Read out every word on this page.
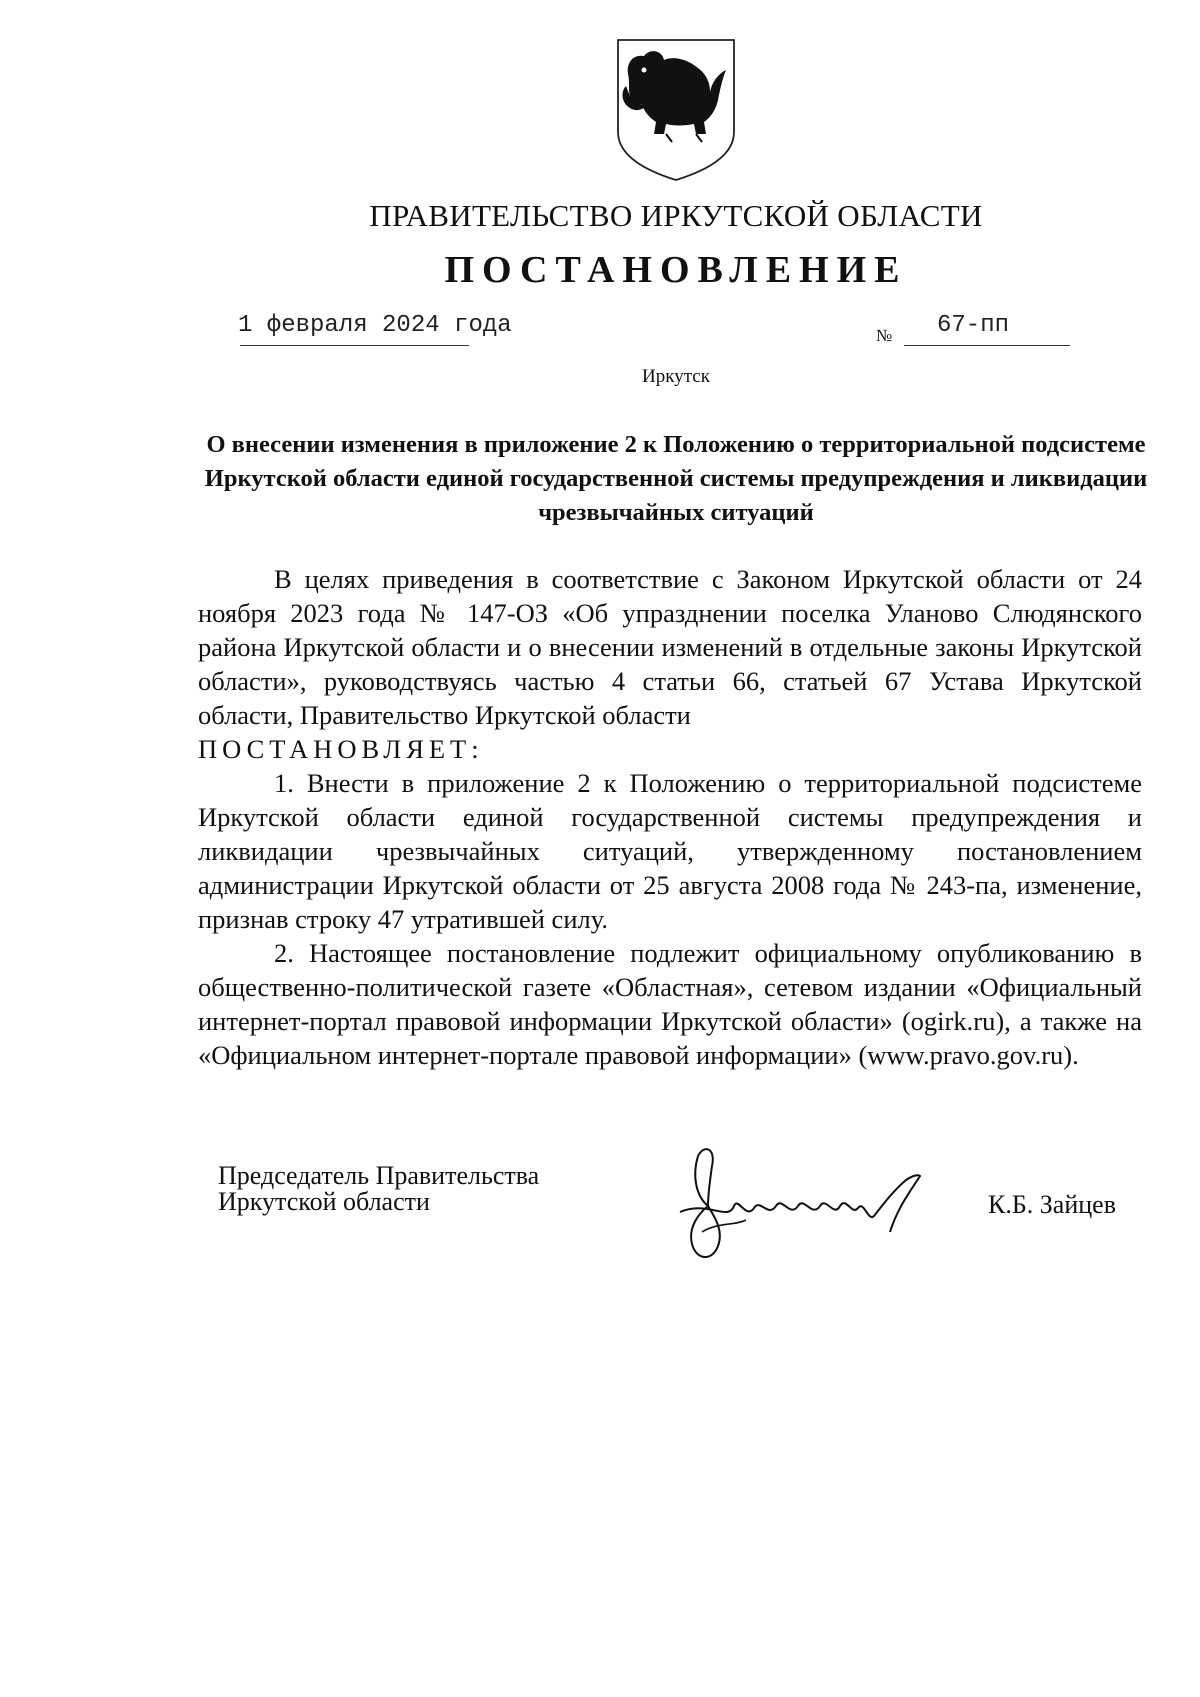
ПРАВИТЕЛЬСТВО ИРКУТСКОЙ ОБЛАСТИ
ПОСТАНОВЛЕНИЕ
1 февраля 2024 года	№ 67-пп
Иркутск
О внесении изменения в приложение 2 к Положению о территориальной подсистеме Иркутской области единой государственной системы предупреждения и ликвидации чрезвычайных ситуаций

В целях приведения в соответствие с Законом Иркутской области от 24 ноября 2023 года № 147-ОЗ «Об упразднении поселка Уланово Слюдянского района Иркутской области и о внесении изменений в отдельные законы Иркутской области», руководствуясь частью 4 статьи 66, статьей 67 Устава Иркутской области, Правительство Иркутской области

ПОСТАНОВЛЯЕТ:

1. Внести в приложение 2 к Положению о территориальной подсистеме Иркутской области единой государственной системы предупреждения и ликвидации чрезвычайных ситуаций, утвержденному постановлением администрации Иркутской области от 25 августа 2008 года № 243-па, изменение, признав строку 47 утратившей силу.

2. Настоящее постановление подлежит официальному опубликованию в общественно-политической газете «Областная», сетевом издании «Официальный интернет-портал правовой информации Иркутской области» (ogirk.ru), а также на «Официальном интернет-портале правовой информации» (www.pravo.gov.ru).

Председатель Правительства
Иркутской области	К.Б. Зайцев
